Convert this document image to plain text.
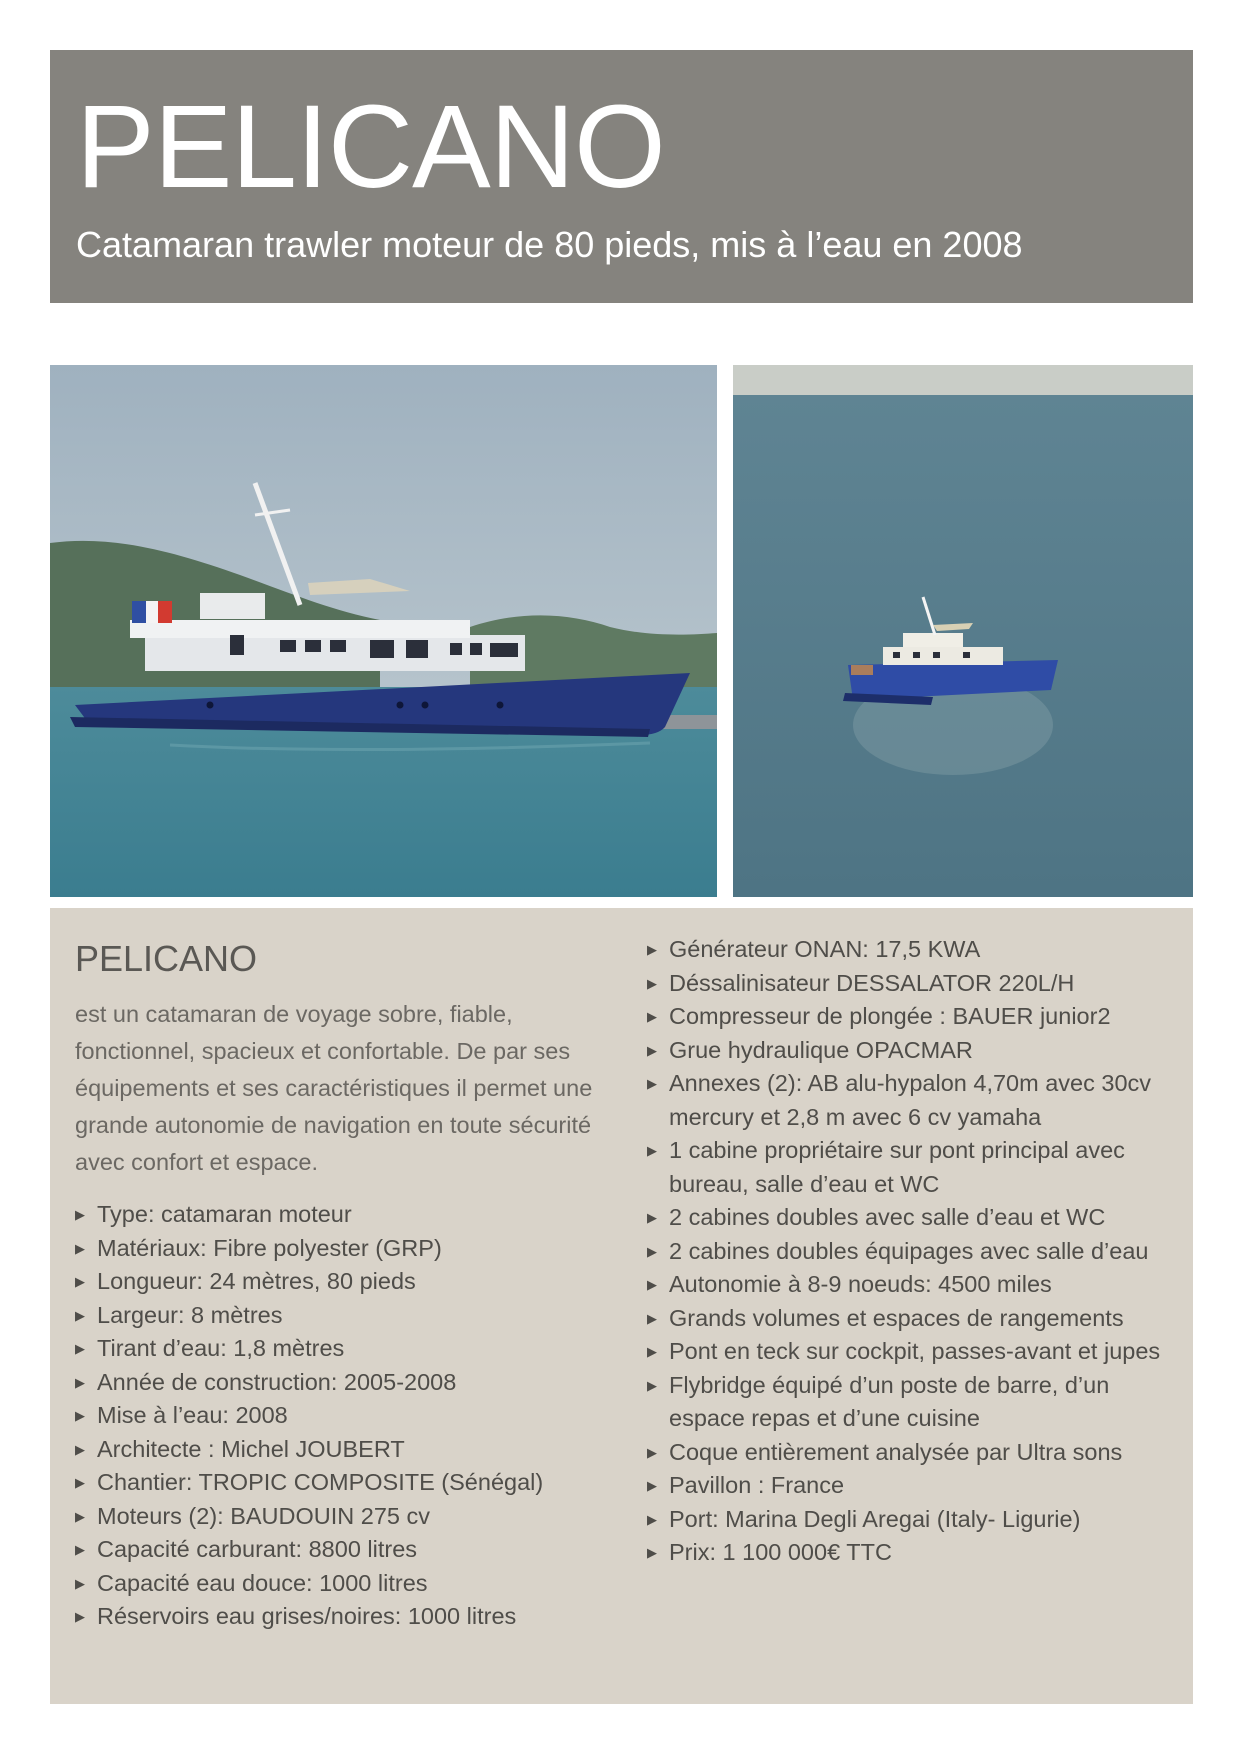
PELICANO
Catamaran trawler moteur de 80 pieds, mis à l’eau en 2008
PELICANO
est un catamaran de voyage sobre, fiable, fonctionnel, spacieux et confortable. De par ses équipements et ses caractéristiques il permet une grande autonomie de navigation en toute sécurité avec confort et espace.
▶ Type: catamaran moteur
▶ Matériaux: Fibre polyester (GRP)
▶ Longueur: 24 mètres, 80 pieds
▶ Largeur: 8 mètres
▶ Tirant d’eau: 1,8 mètres
▶ Année de construction: 2005-2008
▶ Mise à l’eau: 2008
▶ Architecte : Michel JOUBERT
▶ Chantier: TROPIC COMPOSITE (Sénégal)
▶ Moteurs (2): BAUDOUIN 275 cv
▶ Capacité carburant: 8800 litres
▶ Capacité eau douce: 1000 litres
▶ Réservoirs eau grises/noires: 1000 litres
▶ Générateur ONAN: 17,5 KWA
▶ Déssalinisateur DESSALATOR 220L/H
▶ Compresseur de plongée : BAUER junior2
▶ Grue hydraulique OPACMAR
▶ Annexes (2): AB alu-hypalon 4,70m avec 30cv mercury et 2,8 m avec 6 cv yamaha
▶ 1 cabine propriétaire sur pont principal avec bureau, salle d’eau et WC
▶ 2 cabines doubles avec salle d’eau et WC
▶ 2 cabines doubles équipages avec salle d’eau
▶ Autonomie à 8-9 noeuds: 4500 miles
▶ Grands volumes et espaces de rangements
▶ Pont en teck sur cockpit, passes-avant et jupes
▶ Flybridge équipé d’un poste de barre, d’un espace repas et d’une cuisine
▶ Coque entièrement analysée par Ultra sons
▶ Pavillon : France
▶ Port: Marina Degli Aregai (Italy- Ligurie)
▶ Prix: 1 100 000€ TTC
